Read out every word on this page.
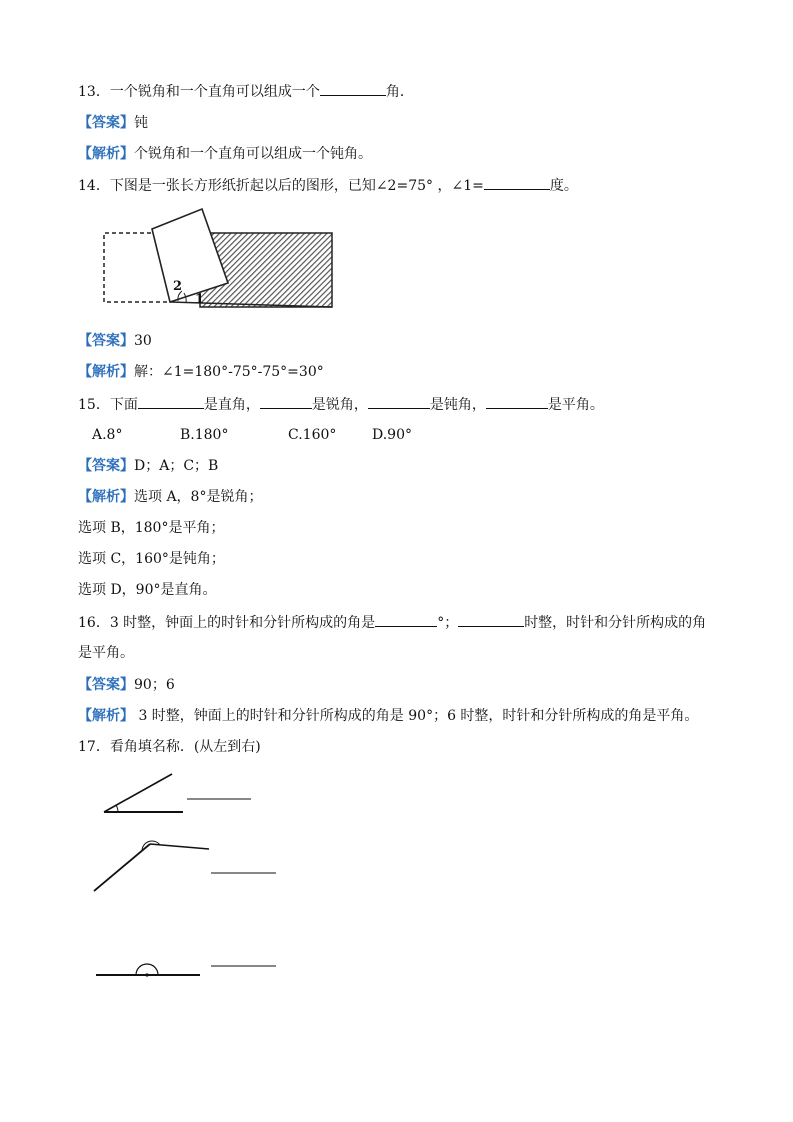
13．一个锐角和一个直角可以组成一个	角．
【答案】钝
【解析】个锐角和一个直角可以组成一个钝角。
14．下图是一张长方形纸折起以后的图形，已知∠2=75° ，∠1=	度。
2
1
【答案】30
【解析】解：∠1=180°-75°-75°=30°
15．下面	是直角，	是锐角，	是钝角，	是平角。
A.8°	B.180°	C.160°	D.90°
【答案】D；A；C；B
【解析】选项 A，8°是锐角；
选项 B，180°是平角；
选项 C，160°是钝角；
选项 D，90°是直角。
16．3 时整，钟面上的时针和分针所构成的角是	°；	时整，时针和分针所构成的角
是平角。
【答案】90；6
【解析】 3 时整，钟面上的时针和分针所构成的角是 90°；6 时整，时针和分针所构成的角是平角。
17．看角填名称．(从左到右)
